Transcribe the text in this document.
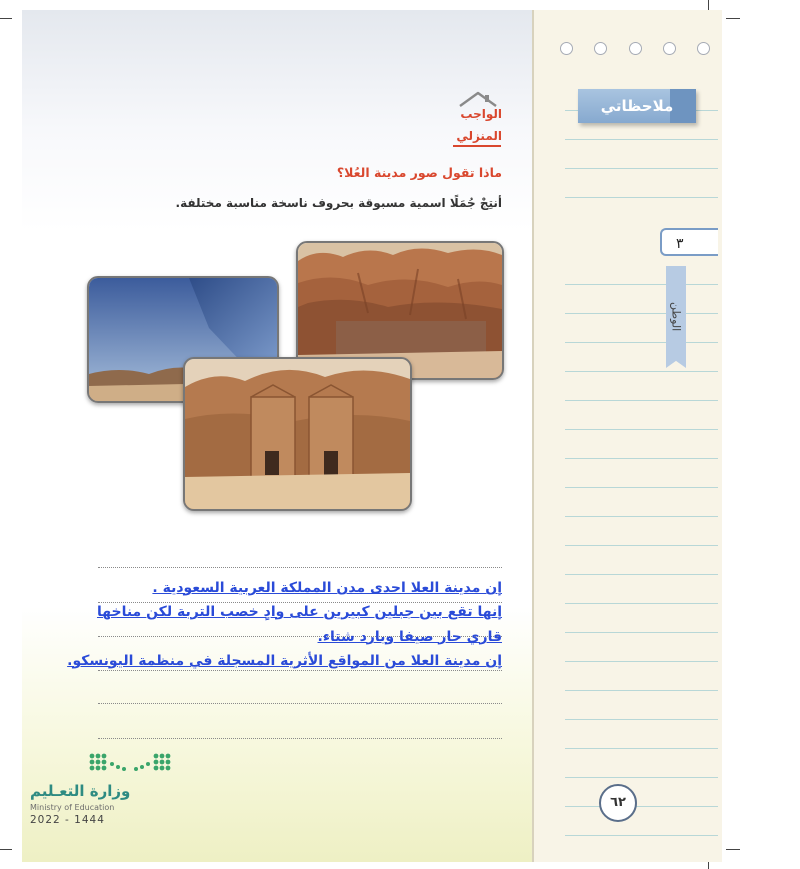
ملاحظاتي
٣
الوطن
٦٢
الواجب
المنزلي
ماذا تقول صور مدينة العُلا؟
أنتِجْ جُمَلًا اسمية مسبوقة بحروف ناسخة مناسبة مختلفة.
إن مدينة العلا احدى مدن المملكة العربية السعودية .
إنها تقع بين جبلين كبيرين على وادٍ خصب التربة لكن مناخها
قاري حار صيفا وبارد شتاء.
إن مدينة العلا من المواقع الأثرية المسجلة في منظمة اليونسكو.
وزارة التعـليم
Ministry of Education
2022 - 1444
